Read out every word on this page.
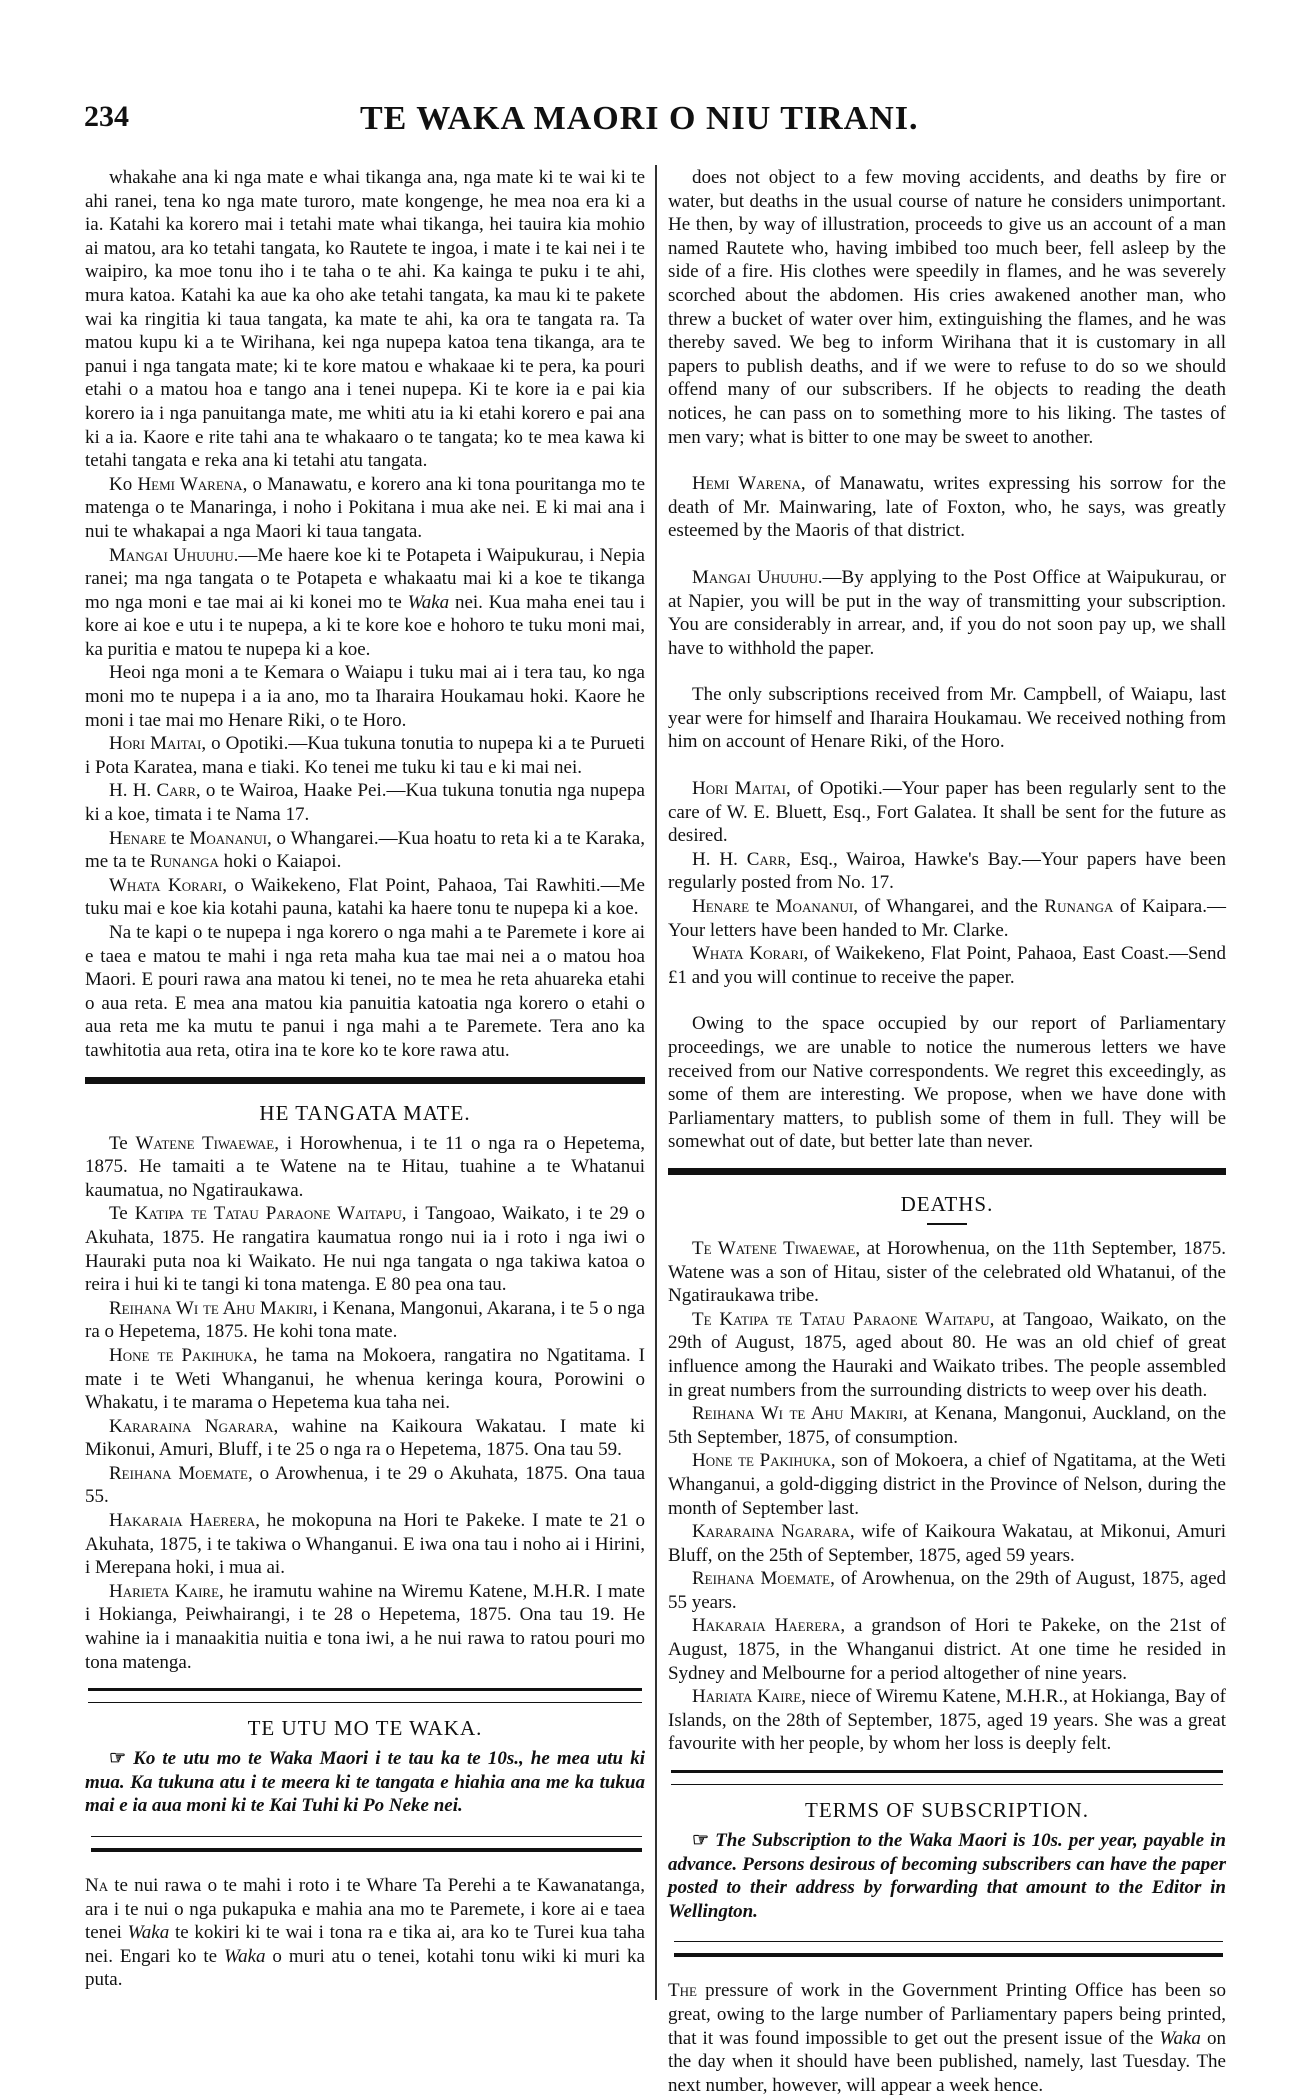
234	TE WAKA MAORI O NIU TIRANI.

whakahe ana ki nga mate e whai tikanga ana, nga mate ki te wai ki te ahi ranei, tena ko nga mate turoro, mate kongenge, he mea noa era ki a ia. Katahi ka korero mai i tetahi mate whai tikanga, hei tauira kia mohio ai matou, ara ko tetahi tangata, ko Rautete te ingoa, i mate i te kai nei i te waipiro, ka moe tonu iho i te taha o te ahi. Ka kainga te puku i te ahi, mura katoa. Katahi ka aue ka oho ake tetahi tangata, ka mau ki te pakete wai ka ringitia ki taua tangata, ka mate te ahi, ka ora te tangata ra. Ta matou kupu ki a te Wirihana, kei nga nupepa katoa tena tikanga, ara te panui i nga tangata mate; ki te kore matou e whakaae ki te pera, ka pouri etahi o a matou hoa e tango ana i tenei nupepa. Ki te kore ia e pai kia korero ia i nga panuitanga mate, me whiti atu ia ki etahi korero e pai ana ki a ia. Kaore e rite tahi ana te whakaaro o te tangata; ko te mea kawa ki tetahi tangata e reka ana ki tetahi atu tangata.

Ko Hemi Warena, o Manawatu, e korero ana ki tona pouritanga mo te matenga o te Manaringa, i noho i Pokitana i mua ake nei. E ki mai ana i nui te whakapai a nga Maori ki taua tangata.

Mangai Uhuuhu.—Me haere koe ki te Potapeta i Waipukurau, i Nepia ranei; ma nga tangata o te Potapeta e whakaatu mai ki a koe te tikanga mo nga moni e tae mai ai ki konei mo te Waka nei. Kua maha enei tau i kore ai koe e utu i te nupepa, a ki te kore koe e hohoro te tuku moni mai, ka puritia e matou te nupepa ki a koe.

Heoi nga moni a te Kemara o Waiapu i tuku mai ai i tera tau, ko nga moni mo te nupepa i a ia ano, mo ta Iharaira Houkamau hoki. Kaore he moni i tae mai mo Henare Riki, o te Horo.

Hori Maitai, o Opotiki.—Kua tukuna tonutia to nupepa ki a te Purueti i Pota Karatea, mana e tiaki. Ko tenei me tuku ki tau e ki mai nei.

H. H. Carr, o te Wairoa, Haake Pei.—Kua tukuna tonutia nga nupepa ki a koe, timata i te Nama 17.

Henare te Moananui, o Whangarei.—Kua hoatu to reta ki a te Karaka, me ta te Runanga hoki o Kaiapoi.

Whata Korari, o Waikekeno, Flat Point, Pahaoa, Tai Rawhiti.—Me tuku mai e koe kia kotahi pauna, katahi ka haere tonu te nupepa ki a koe.

Na te kapi o te nupepa i nga korero o nga mahi a te Paremete i kore ai e taea e matou te mahi i nga reta maha kua tae mai nei a o matou hoa Maori. E pouri rawa ana matou ki tenei, no te mea he reta ahuareka etahi o aua reta. E mea ana matou kia panuitia katoatia nga korero o etahi o aua reta me ka mutu te panui i nga mahi a te Paremete. Tera ano ka tawhitotia aua reta, otira ina te kore ko te kore rawa atu.

HE TANGATA MATE.

Te Watene Tiwaewae, i Horowhenua, i te 11 o nga ra o Hepetema, 1875. He tamaiti a te Watene na te Hitau, tuahine a te Whatanui kaumatua, no Ngatiraukawa.

Te Katipa te Tatau Paraone Waitapu, i Tangoao, Waikato, i te 29 o Akuhata, 1875. He rangatira kaumatua rongo nui ia i roto i nga iwi o Hauraki puta noa ki Waikato. He nui nga tangata o nga takiwa katoa o reira i hui ki te tangi ki tona matenga. E 80 pea ona tau.

Reihana Wi te Ahu Makiri, i Kenana, Mangonui, Akarana, i te 5 o nga ra o Hepetema, 1875. He kohi tona mate.

Hone te Pakihuka, he tama na Mokoera, rangatira no Ngatitama. I mate i te Weti Whanganui, he whenua keringa koura, Porowini o Whakatu, i te marama o Hepetema kua taha nei.

Kararaina Ngarara, wahine na Kaikoura Wakatau. I mate ki Mikonui, Amuri, Bluff, i te 25 o nga ra o Hepetema, 1875. Ona tau 59.

Reihana Moemate, o Arowhenua, i te 29 o Akuhata, 1875. Ona taua 55.

Hakaraia Haerera, he mokopuna na Hori te Pakeke. I mate te 21 o Akuhata, 1875, i te takiwa o Whanganui. E iwa ona tau i noho ai i Hirini, i Merepana hoki, i mua ai.

Harieta Kaire, he iramutu wahine na Wiremu Katene, M.H.R. I mate i Hokianga, Peiwhairangi, i te 28 o Hepetema, 1875. Ona tau 19. He wahine ia i manaakitia nuitia e tona iwi, a he nui rawa to ratou pouri mo tona matenga.

TE UTU MO TE WAKA.

☞ Ko te utu mo te Waka Maori i te tau ka te 10s., he mea utu ki mua. Ka tukuna atu i te meera ki te tangata e hiahia ana me ka tukua mai e ia aua moni ki te Kai Tuhi ki Po Neke nei.

Na te nui rawa o te mahi i roto i te Whare Ta Perehi a te Kawanatanga, ara i te nui o nga pukapuka e mahia ana mo te Paremete, i kore ai e taea tenei Waka te kokiri ki te wai i tona ra e tika ai, ara ko te Turei kua taha nei. Engari ko te Waka o muri atu o tenei, kotahi tonu wiki ki muri ka puta.

does not object to a few moving accidents, and deaths by fire or water, but deaths in the usual course of nature he considers unimportant. He then, by way of illustration, proceeds to give us an account of a man named Rautete who, having imbibed too much beer, fell asleep by the side of a fire. His clothes were speedily in flames, and he was severely scorched about the abdomen. His cries awakened another man, who threw a bucket of water over him, extinguishing the flames, and he was thereby saved. We beg to inform Wirihana that it is customary in all papers to publish deaths, and if we were to refuse to do so we should offend many of our subscribers. If he objects to reading the death notices, he can pass on to something more to his liking. The tastes of men vary; what is bitter to one may be sweet to another.

Hemi Warena, of Manawatu, writes expressing his sorrow for the death of Mr. Mainwaring, late of Foxton, who, he says, was greatly esteemed by the Maoris of that district.

Mangai Uhuuhu.—By applying to the Post Office at Waipukurau, or at Napier, you will be put in the way of transmitting your subscription. You are considerably in arrear, and, if you do not soon pay up, we shall have to withhold the paper.

The only subscriptions received from Mr. Campbell, of Waiapu, last year were for himself and Iharaira Houkamau. We received nothing from him on account of Henare Riki, of the Horo.

Hori Maitai, of Opotiki.—Your paper has been regularly sent to the care of W. E. Bluett, Esq., Fort Galatea. It shall be sent for the future as desired.

H. H. Carr, Esq., Wairoa, Hawke's Bay.—Your papers have been regularly posted from No. 17.

Henare te Moananui, of Whangarei, and the Runanga of Kaipara.—Your letters have been handed to Mr. Clarke.

Whata Korari, of Waikekeno, Flat Point, Pahaoa, East Coast.—Send £1 and you will continue to receive the paper.

Owing to the space occupied by our report of Parliamentary proceedings, we are unable to notice the numerous letters we have received from our Native correspondents. We regret this exceedingly, as some of them are interesting. We propose, when we have done with Parliamentary matters, to publish some of them in full. They will be somewhat out of date, but better late than never.

DEATHS.

Te Watene Tiwaewae, at Horowhenua, on the 11th September, 1875. Watene was a son of Hitau, sister of the celebrated old Whatanui, of the Ngatiraukawa tribe.

Te Katipa te Tatau Paraone Waitapu, at Tangoao, Waikato, on the 29th of August, 1875, aged about 80. He was an old chief of great influence among the Hauraki and Waikato tribes. The people assembled in great numbers from the surrounding districts to weep over his death.

Reihana Wi te Ahu Makiri, at Kenana, Mangonui, Auckland, on the 5th September, 1875, of consumption.

Hone te Pakihuka, son of Mokoera, a chief of Ngatitama, at the Weti Whanganui, a gold-digging district in the Province of Nelson, during the month of September last.

Kararaina Ngarara, wife of Kaikoura Wakatau, at Mikonui, Amuri Bluff, on the 25th of September, 1875, aged 59 years.

Reihana Moemate, of Arowhenua, on the 29th of August, 1875, aged 55 years.

Hakaraia Haerera, a grandson of Hori te Pakeke, on the 21st of August, 1875, in the Whanganui district. At one time he resided in Sydney and Melbourne for a period altogether of nine years.

Hariata Kaire, niece of Wiremu Katene, M.H.R., at Hokianga, Bay of Islands, on the 28th of September, 1875, aged 19 years. She was a great favourite with her people, by whom her loss is deeply felt.

TERMS OF SUBSCRIPTION.

☞ The Subscription to the Waka Maori is 10s. per year, payable in advance. Persons desirous of becoming subscribers can have the paper posted to their address by forwarding that amount to the Editor in Wellington.

The pressure of work in the Government Printing Office has been so great, owing to the large number of Parliamentary papers being printed, that it was found impossible to get out the present issue of the Waka on the day when it should have been published, namely, last Tuesday. The next number, however, will appear a week hence.
